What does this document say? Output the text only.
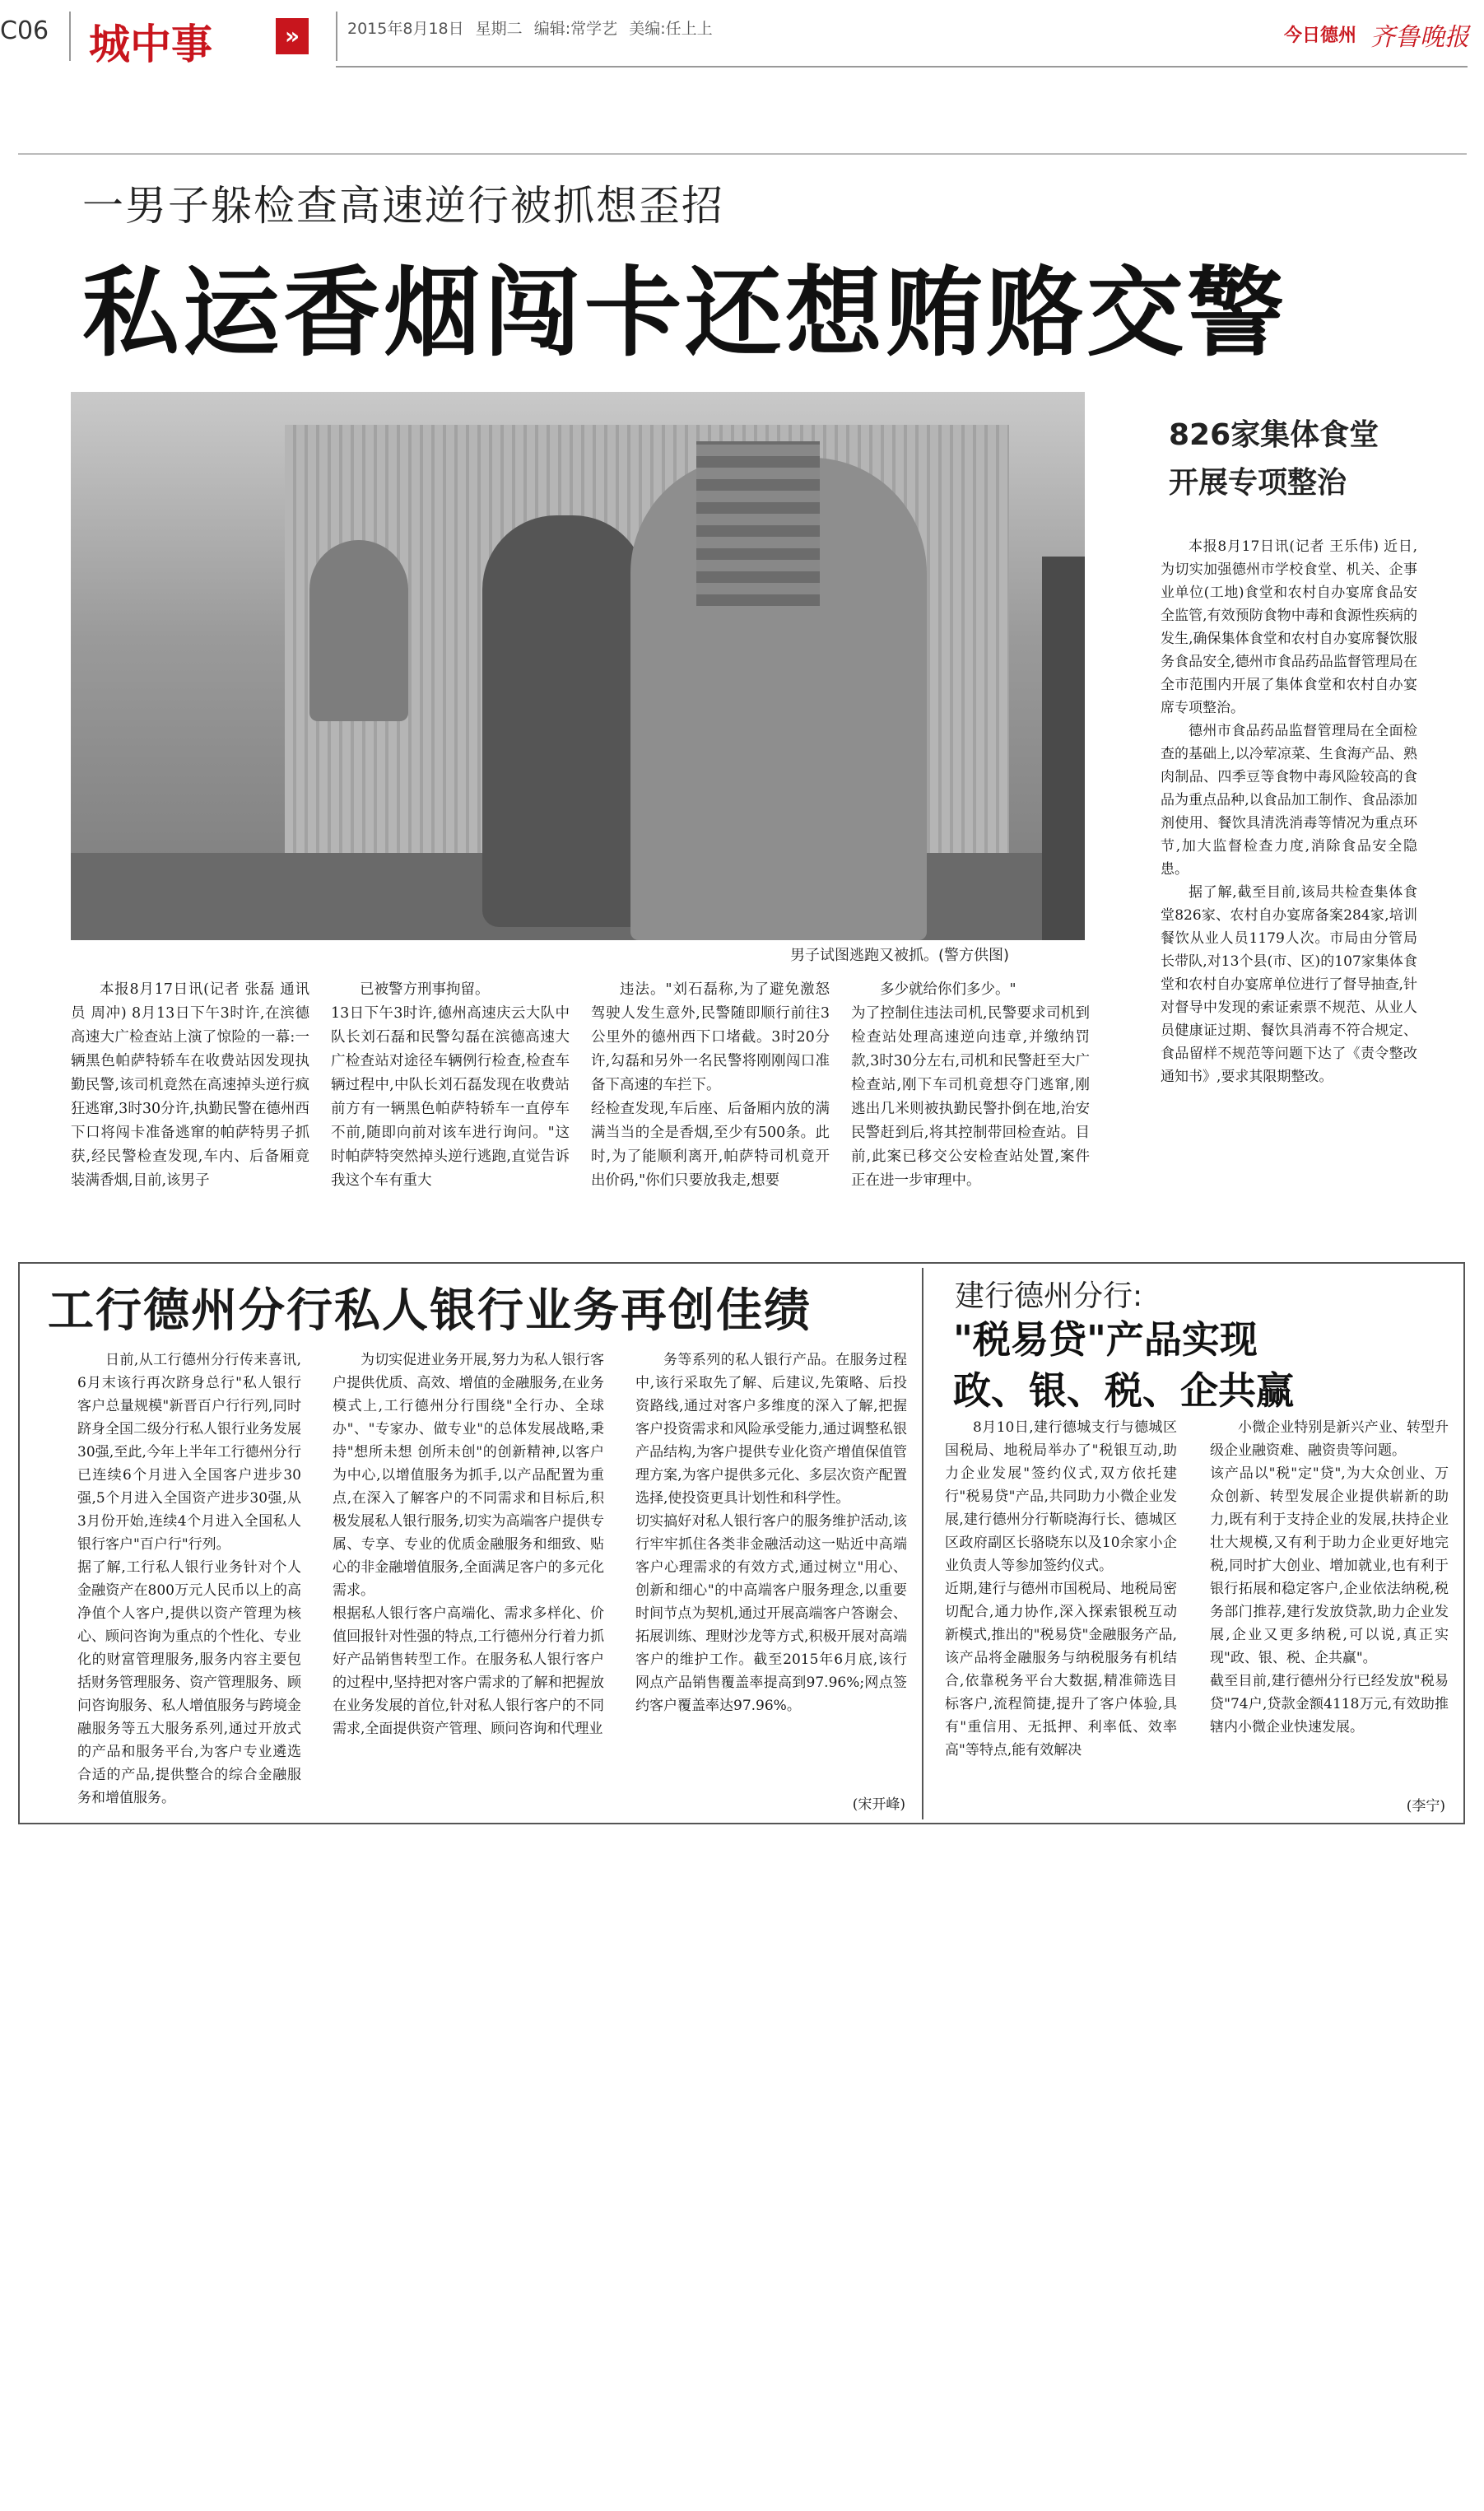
C06 城中事	»	2015年8月18日 星期二 编辑:常学艺 美编:任上上	今日德州 齐鲁晚报
一男子躲检查高速逆行被抓想歪招
私运香烟闯卡还想贿赂交警
男子试图逃跑又被抓。(警方供图)

本报8月17日讯(记者 张磊 通讯员 周冲) 8月13日下午3时许,在滨德高速大广检查站上演了惊险的一幕:一辆黑色帕萨特轿车在收费站因发现执勤民警,该司机竟然在高速掉头逆行疯狂逃窜,3时30分许,执勤民警在德州西下口将闯卡准备逃窜的帕萨特男子抓获,经民警检查发现,车内、后备厢竟装满香烟,目前,该男子

已被警方刑事拘留。
13日下午3时许,德州高速庆云大队中队长刘石磊和民警勾磊在滨德高速大广检查站对途径车辆例行检查,检查车辆过程中,中队长刘石磊发现在收费站前方有一辆黑色帕萨特轿车一直停车不前,随即向前对该车进行询问。"这时帕萨特突然掉头逆行逃跑,直觉告诉我这个车有重大

违法。"刘石磊称,为了避免激怒驾驶人发生意外,民警随即顺行前往3公里外的德州西下口堵截。3时20分许,勾磊和另外一名民警将刚刚闯口准备下高速的车拦下。
经检查发现,车后座、后备厢内放的满满当当的全是香烟,至少有500条。此时,为了能顺利离开,帕萨特司机竟开出价码,"你们只要放我走,想要

多少就给你们多少。"
为了控制住违法司机,民警要求司机到检查站处理高速逆向违章,并缴纳罚款,3时30分左右,司机和民警赶至大广检查站,刚下车司机竟想夺门逃窜,刚逃出几米则被执勤民警扑倒在地,治安民警赶到后,将其控制带回检查站。目前,此案已移交公安检查站处置,案件正在进一步审理中。

826家集体食堂
开展专项整治

本报8月17日讯(记者 王乐伟) 近日,为切实加强德州市学校食堂、机关、企事业单位(工地)食堂和农村自办宴席食品安全监管,有效预防食物中毒和食源性疾病的发生,确保集体食堂和农村自办宴席餐饮服务食品安全,德州市食品药品监督管理局在全市范围内开展了集体食堂和农村自办宴席专项整治。

德州市食品药品监督管理局在全面检查的基础上,以冷荤凉菜、生食海产品、熟肉制品、四季豆等食物中毒风险较高的食品为重点品种,以食品加工制作、食品添加剂使用、餐饮具清洗消毒等情况为重点环节,加大监督检查力度,消除食品安全隐患。

据了解,截至目前,该局共检查集体食堂826家、农村自办宴席备案284家,培训餐饮从业人员1179人次。市局由分管局长带队,对13个县(市、区)的107家集体食堂和农村自办宴席单位进行了督导抽查,针对督导中发现的索证索票不规范、从业人员健康证过期、餐饮具消毒不符合规定、食品留样不规范等问题下达了《责令整改通知书》,要求其限期整改。

工行德州分行私人银行业务再创佳绩

日前,从工行德州分行传来喜讯,6月末该行再次跻身总行"私人银行客户总量规模"新晋百户行行列,同时跻身全国二级分行私人银行业务发展30强,至此,今年上半年工行德州分行已连续6个月进入全国客户进步30强,5个月进入全国资产进步30强,从3月份开始,连续4个月进入全国私人银行客户"百户行"行列。
据了解,工行私人银行业务针对个人金融资产在800万元人民币以上的高净值个人客户,提供以资产管理为核心、顾问咨询为重点的个性化、专业化的财富管理服务,服务内容主要包括财务管理服务、资产管理服务、顾问咨询服务、私人增值服务与跨境金融服务等五大服务系列,通过开放式的产品和服务平台,为客户专业遴选合适的产品,提供整合的综合金融服务和增值服务。

为切实促进业务开展,努力为私人银行客户提供优质、高效、增值的金融服务,在业务模式上,工行德州分行围绕"全行办、全球办"、"专家办、做专业"的总体发展战略,秉持"想所未想 创所未创"的创新精神,以客户为中心,以增值服务为抓手,以产品配置为重点,在深入了解客户的不同需求和目标后,积极发展私人银行服务,切实为高端客户提供专属、专享、专业的优质金融服务和细致、贴心的非金融增值服务,全面满足客户的多元化需求。
根据私人银行客户高端化、需求多样化、价值回报针对性强的特点,工行德州分行着力抓好产品销售转型工作。在服务私人银行客户的过程中,坚持把对客户需求的了解和把握放在业务发展的首位,针对私人银行客户的不同需求,全面提供资产管理、顾问咨询和代理业

务等系列的私人银行产品。在服务过程中,该行采取先了解、后建议,先策略、后投资路线,通过对客户多维度的深入了解,把握客户投资需求和风险承受能力,通过调整私银产品结构,为客户提供专业化资产增值保值管理方案,为客户提供多元化、多层次资产配置选择,使投资更具计划性和科学性。
切实搞好对私人银行客户的服务维护活动,该行牢牢抓住各类非金融活动这一贴近中高端客户心理需求的有效方式,通过树立"用心、创新和细心"的中高端客户服务理念,以重要时间节点为契机,通过开展高端客户答谢会、拓展训练、理财沙龙等方式,积极开展对高端客户的维护工作。截至2015年6月底,该行网点产品销售覆盖率提高到97.96%;网点签约客户覆盖率达97.96%。

(宋开峰)
建行德州分行:
"税易贷"产品实现
政、银、税、企共赢

8月10日,建行德城支行与德城区国税局、地税局举办了"税银互动,助力企业发展"签约仪式,双方依托建行"税易贷"产品,共同助力小微企业发展,建行德州分行靳晓海行长、德城区区政府副区长骆晓东以及10余家小企业负责人等参加签约仪式。
近期,建行与德州市国税局、地税局密切配合,通力协作,深入探索银税互动新模式,推出的"税易贷"金融服务产品,该产品将金融服务与纳税服务有机结合,依靠税务平台大数据,精准筛选目标客户,流程简捷,提升了客户体验,具有"重信用、无抵押、利率低、效率高"等特点,能有效解决

小微企业特别是新兴产业、转型升级企业融资难、融资贵等问题。
该产品以"税"定"贷",为大众创业、万众创新、转型发展企业提供崭新的助力,既有利于支持企业的发展,扶持企业壮大规模,又有利于助力企业更好地完税,同时扩大创业、增加就业,也有利于银行拓展和稳定客户,企业依法纳税,税务部门推荐,建行发放贷款,助力企业发展,企业又更多纳税,可以说,真正实现"政、银、税、企共赢"。
截至目前,建行德州分行已经发放"税易贷"74户,贷款金额4118万元,有效助推辖内小微企业快速发展。

(李宁)
